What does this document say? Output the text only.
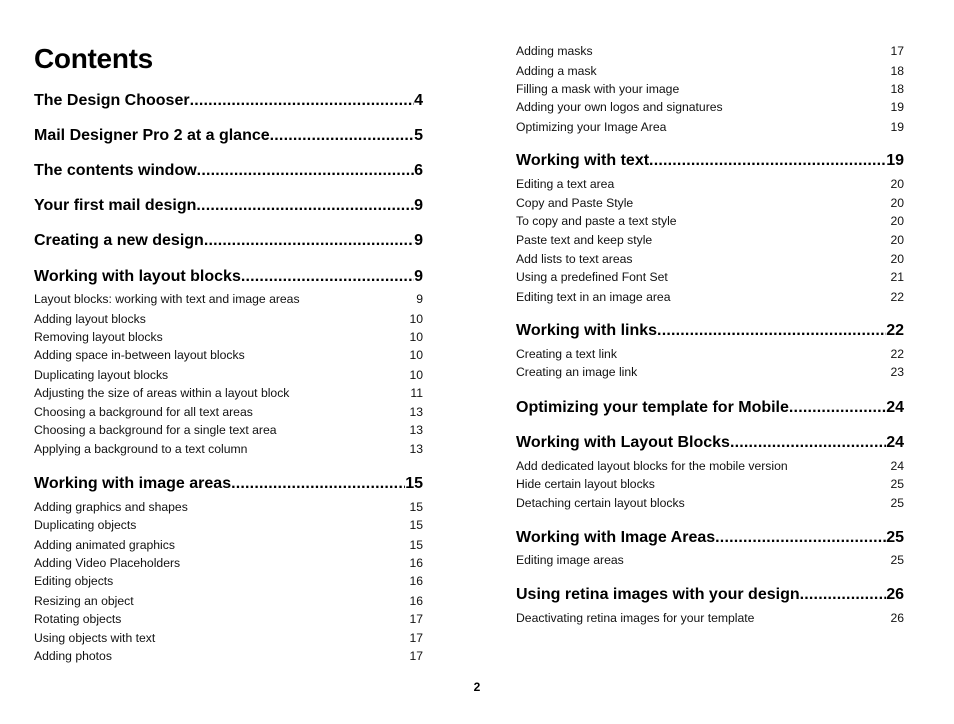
Contents
The Design Chooser .....	4
Mail Designer Pro 2 at a glance .....	5
The contents window .....	6
Your first mail design .....	9
Creating a new design .....	9
Working with layout blocks .....	9
Layout blocks: working with text and image areas	9
Adding layout blocks	10
Removing layout blocks	10
Adding space in-between layout blocks	10
Duplicating layout blocks	10
Adjusting the size of areas within a layout block	11
Choosing a background for all text areas	13
Choosing a background for a single text area	13
Applying a background to a text column	13
Working with image areas .....	15
Adding graphics and shapes	15
Duplicating objects	15
Adding animated graphics	15
Adding Video Placeholders	16
Editing objects	16
Resizing an object	16
Rotating objects	17
Using objects with text	17
Adding photos	17
Adding masks	17
Adding a mask	18
Filling a mask with your image	18
Adding your own logos and signatures	19
Optimizing your Image Area	19
Working with text .....	19
Editing a text area	20
Copy and Paste Style	20
To copy and paste a text style	20
Paste text and keep style	20
Add lists to text areas	20
Using a predefined Font Set	21
Editing text in an image area	22
Working with links .....	22
Creating a text link	22
Creating an image link	23
Optimizing your template for Mobile .....	24
Working with Layout Blocks .....	24
Add dedicated layout blocks for the mobile version	24
Hide certain layout blocks	25
Detaching certain layout blocks	25
Working with Image Areas .....	25
Editing image areas	25
Using retina images with your design .....	26
Deactivating retina images for your template	26
2
